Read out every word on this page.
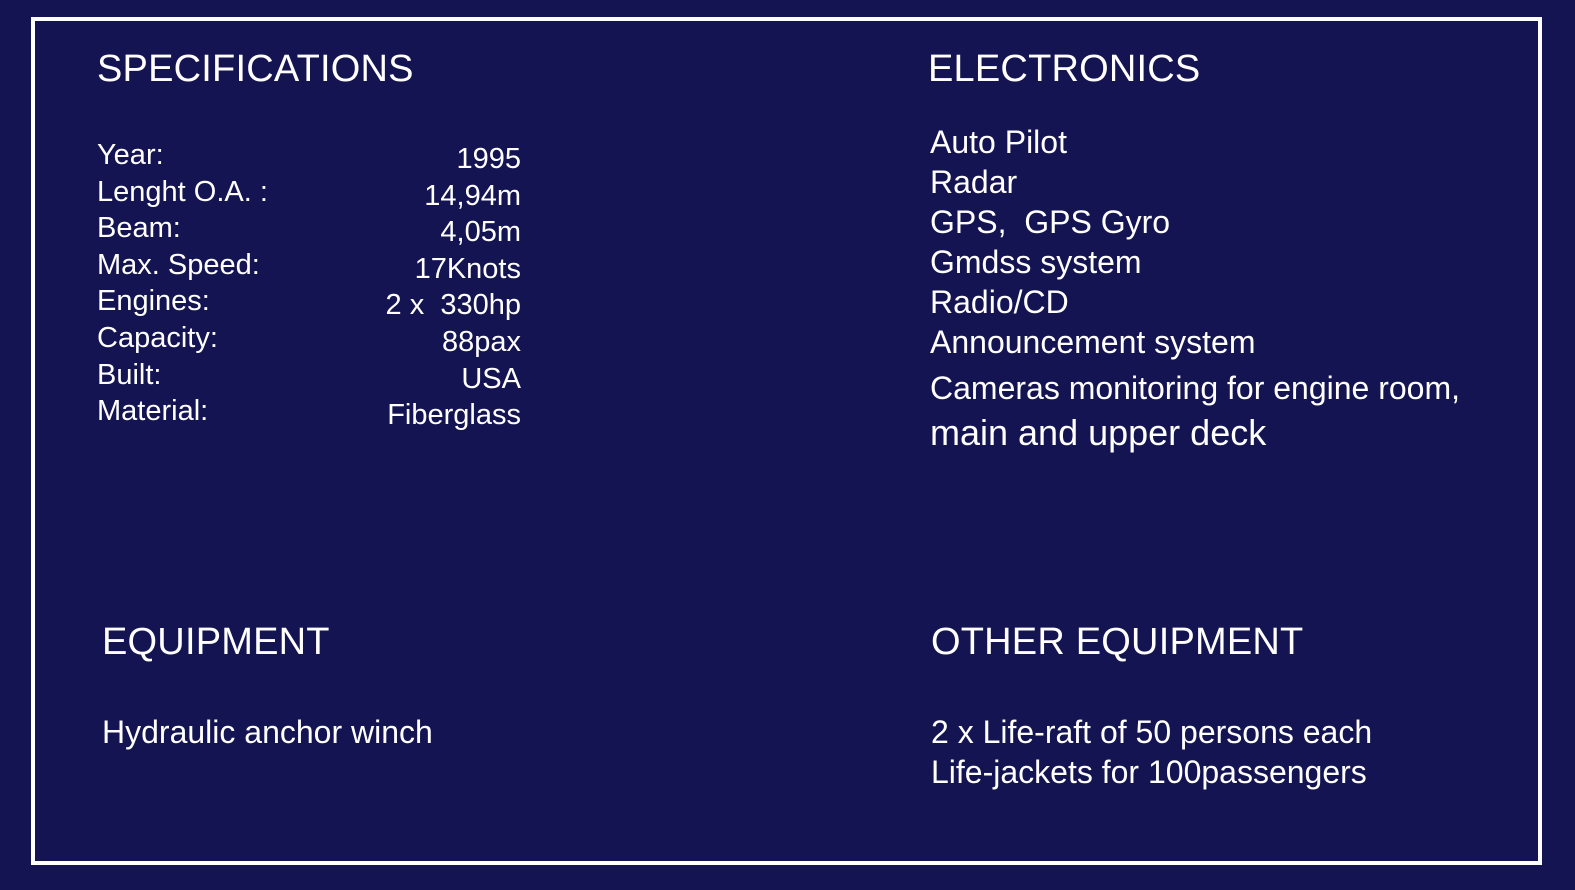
SPECIFICATIONS
Year:	1995
Lenght O.A. :	14,94m
Beam:	4,05m
Max. Speed:	17Knots
Engines:	2 x  330hp
Capacity:	88pax
Built:	USA
Material:	Fiberglass
ELECTRONICS
Auto Pilot
Radar
GPS,  GPS Gyro
Gmdss system
Radio/CD
Announcement system
Cameras monitoring for engine room,
main and upper deck
EQUIPMENT
Hydraulic anchor winch
OTHER EQUIPMENT
2 x Life-raft of 50 persons each
Life-jackets for 100passengers
